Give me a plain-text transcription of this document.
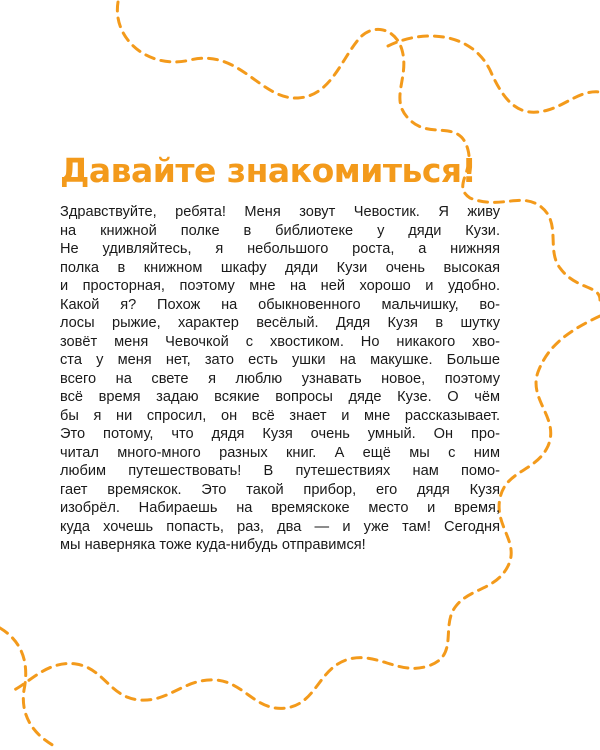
Давайте знакомиться!
Здравствуйте, ребята! Меня зовут Чевостик. Я живу
на книжной полке в библиотеке у дяди Кузи.
Не удивляйтесь, я небольшого роста, а нижняя
полка в книжном шкафу дяди Кузи очень высокая
и просторная, поэтому мне на ней хорошо и удобно.
Какой я? Похож на обыкновенного мальчишку, во-
лосы рыжие, характер весёлый. Дядя Кузя в шутку
зовёт меня Чевочкой с хвостиком. Но никакого хво-
ста у меня нет, зато есть ушки на макушке. Больше
всего на свете я люблю узнавать новое, поэтому
всё время задаю всякие вопросы дяде Кузе. О чём
бы я ни спросил, он всё знает и мне рассказывает.
Это потому, что дядя Кузя очень умный. Он про-
читал много-много разных книг. А ещё мы с ним
любим путешествовать! В путешествиях нам помо-
гает времяскок. Это такой прибор, его дядя Кузя
изобрёл. Набираешь на времяскоке место и время,
куда хочешь попасть, раз, два — и уже там! Сегодня
мы наверняка тоже куда-нибудь отправимся!
